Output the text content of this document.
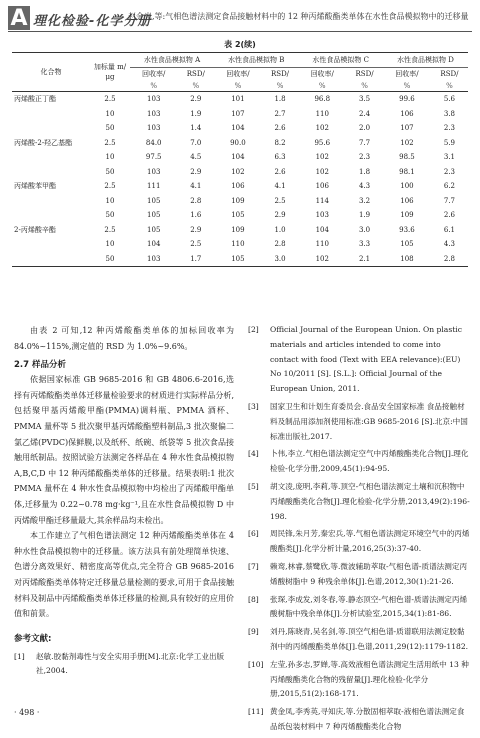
A 理化检验-化学分册
赵金光,等:气相色谱法测定食品接触材料中的 12 种丙烯酸酯类单体在水性食品模拟物中的迁移量
表 2(续)
化合物	加标量 m/μg	水性食品模拟物 A		水性食品模拟物 B		水性食品模拟物 C		水性食品模拟物 D	
		回收率/	RSD/	回收率/	RSD/	回收率/	RSD/	回收率/	RSD/
		%	%	%	%	%	%	%	%
丙烯酸正丁酯	2.5	103	2.9	101	1.8	96.8	3.5	99.6	5.6
	10	103	1.9	107	2.7	110	2.4	106	3.8
	50	103	1.4	104	2.6	102	2.0	107	2.3
丙烯酸-2-羟乙基酯	2.5	84.0	7.0	90.0	8.2	95.6	7.7	102	5.9
	10	97.5	4.5	104	6.3	102	2.3	98.5	3.1
	50	103	2.9	102	2.6	102	1.8	98.1	2.3
丙烯酸苯甲酯	2.5	111	4.1	106	4.1	106	4.3	100	6.2
	10	105	2.8	109	2.5	114	3.2	106	7.7
	50	105	1.6	105	2.9	103	1.9	109	2.6
2-丙烯酸辛酯	2.5	105	2.9	109	1.0	104	3.0	93.6	6.1
	10	104	2.5	110	2.8	110	3.3	105	4.3
	50	103	1.7	105	3.0	102	2.1	108	2.8

由表 2 可知,12 种丙烯酸酯类单体的加标回收率为 84.0%~115%,测定值的 RSD 为 1.0%~9.6%。

2.7 样品分析

依据国家标准 GB 9685-2016 和 GB 4806.6-2016,选择有丙烯酸酯类单体迁移量检验要求的材质进行实际样品分析,包括聚甲基丙烯酸甲酯(PMMA)调料瓶、PMMA 酒杯、PMMA 量杯等 5 批次聚甲基丙烯酸酯塑料制品,3 批次聚偏二氯乙烯(PVDC)保鲜膜,以及纸杯、纸碗、纸袋等 5 批次食品接触用纸制品。按照试验方法测定各样品在 4 种水性食品模拟物 A,B,C,D 中 12 种丙烯酸酯类单体的迁移量。结果表明:1 批次 PMMA 量杯在 4 种水性食品模拟物中均检出了丙烯酸甲酯单体,迁移量为 0.22~0.78 mg·kg⁻¹,且在水性食品模拟物 D 中丙烯酸甲酯迁移量最大,其余样品均未检出。

本工作建立了气相色谱法测定 12 种丙烯酸酯类单体在 4 种水性食品模拟物中的迁移量。该方法具有前处理简单快速、色谱分离效果好、精密度高等优点,完全符合 GB 9685-2016 对丙烯酸酯类单体特定迁移量总量检测的要求,可用于食品接触材料及制品中丙烯酸酯类单体迁移量的检测,具有较好的应用价值和前景。

参考文献:
[1]	赵敏.胶黏剂毒性与安全实用手册[M].北京:化学工业出版社,2004.
[2]	Official Journal of the European Union. On plastic materials and articles intended to come into contact with food (Text with EEA relevance):(EU) No 10/2011 [S]. [S.L.]: Official Journal of the European Union, 2011.
[3]	国家卫生和计划生育委员会.食品安全国家标准 食品接触材料及制品用添加剂使用标准:GB 9685-2016 [S].北京:中国标准出版社,2017.
[4]	卜伟,李立.气相色谱法测定空气中丙烯酸酯类化合物[J].理化检验-化学分册,2009,45(1):94-95.
[5]	胡文凌,庞明,李莉,等.顶空-气相色谱法测定土壤和沉积物中丙烯酸酯类化合物[J].理化检验-化学分册,2013,49(2):196-198.
[6]	周民锋,朱月芳,秦宏兵,等.气相色谱法测定环境空气中的丙烯酸酯类[J].化学分析计量,2016,25(3):37-40.
[7]	赖鸾,林睿,蔡鹭欣,等.微波辅助萃取-气相色谱-质谱法测定丙烯酸树脂中 9 种残余单体[J].色谱,2012,30(1):21-26.
[8]	张琛,李成发,刘冬春,等.静态顶空-气相色谱-质谱法测定丙烯酸树脂中残余单体[J].分析试验室,2015,34(1):81-86.
[9]	刘丹,陈晓青,吴名剑,等.顶空气相色谱-质谱联用法测定胶黏剂中的丙烯酸酯类单体[J].色谱,2011,29(12):1179-1182.
[10] 左莹,孙多志,罗婵,等.高效液相色谱法测定生活用纸中 13 种丙烯酸酯类化合物的残留量[J].理化检验-化学分册,2015,51(2):168-171.
[11] 黄金凤,李秀英,寻知庆,等.分散固相萃取-液相色谱法测定食品纸包装材料中 7 种丙烯酸酯类化合物
· 498 ·
